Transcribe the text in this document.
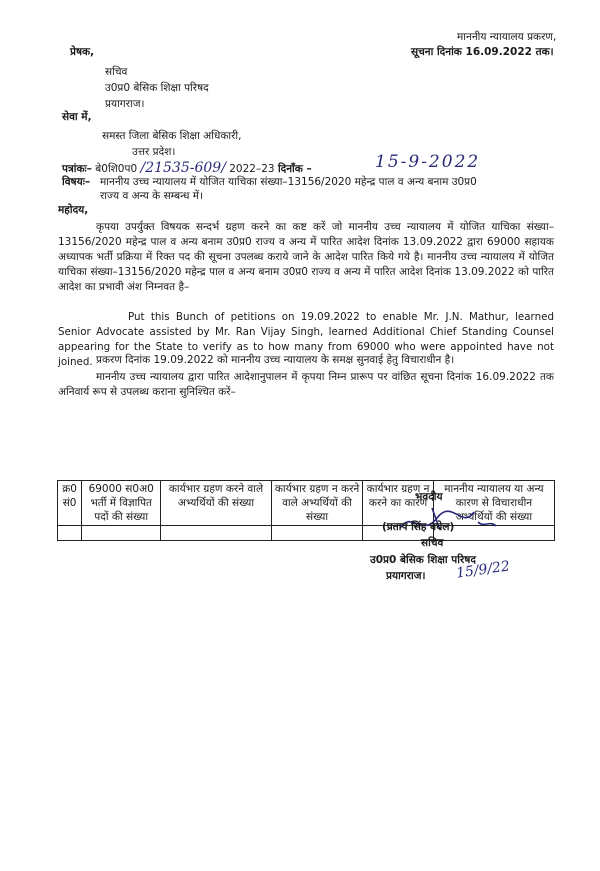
माननीय न्यायालय प्रकरण,
सूचना दिनांक 16.09.2022 तक।
प्रेषक,
सचिव
उ0प्र0 बेसिक शिक्षा परिषद
प्रयागराज।
सेवा में,
समस्त जिला बेसिक शिक्षा अधिकारी,
उत्तर प्रदेश।
पत्रांकः– बे0शि0प0 /21535-609/ 2022–23 दिनाँक –	15-9-2022
विषयः– माननीय उच्च न्यायालय में योजित याचिका संख्या–13156/2020 महेन्द्र पाल व अन्य बनाम उ0प्र0
राज्य व अन्य के सम्बन्ध में।
महोदय,
कृपया उपर्युक्त विषयक सन्दर्भ ग्रहण करने का कष्ट करें जो माननीय उच्च न्यायालय में योजित याचिका संख्या–13156/2020 महेन्द्र पाल व अन्य बनाम उ0प्र0 राज्य व अन्य में पारित आदेश दिनांक 13.09.2022 द्वारा 69000 सहायक अध्यापक भर्ती प्रक्रिया में रिक्त पद की सूचना उपलब्ध कराये जाने के आदेश पारित किये गये है। माननीय उच्च न्यायालय में योजित याचिका संख्या–13156/2020 महेन्द्र पाल व अन्य बनाम उ0प्र0 राज्य व अन्य में पारित आदेश दिनांक 13.09.2022 को पारित आदेश का प्रभावी अंश निम्नवत है–
Put this Bunch of petitions on 19.09.2022 to enable Mr. J.N. Mathur, learned Senior Advocate assisted by Mr. Ran Vijay Singh, learned Additional Chief Standing Counsel appearing for the State to verify as to how many from 69000 who were appointed have not joined. प्रकरण दिनांक 19.09.2022 को माननीय उच्च न्यायालय के समक्ष सुनवाई हेतु विचाराधीन है।
माननीय उच्च न्यायालय द्वारा पारित आदेशानुपालन में कृपया निम्न प्रारूप पर वांछित सूचना दिनांक 16.09.2022 तक अनिवार्य रूप से उपलब्ध कराना सुनिश्चित करें–
क्र0 सं0	69000 स0अ0 भर्ती में विज्ञापित पदों की संख्या	कार्यभार ग्रहण करने वाले अभ्यर्थियों की संख्या	कार्यभार ग्रहण न करने वाले अभ्यर्थियों की संख्या	कार्यभार ग्रहण न करने का कारण	माननीय न्यायालय या अन्य कारण से विचाराधीन अभ्यर्थियों की संख्या

भवदीय
(प्रताप सिंह बघेल)
सचिव
उ0प्र0 बेसिक शिक्षा परिषद
प्रयागराज। 15/9/22
